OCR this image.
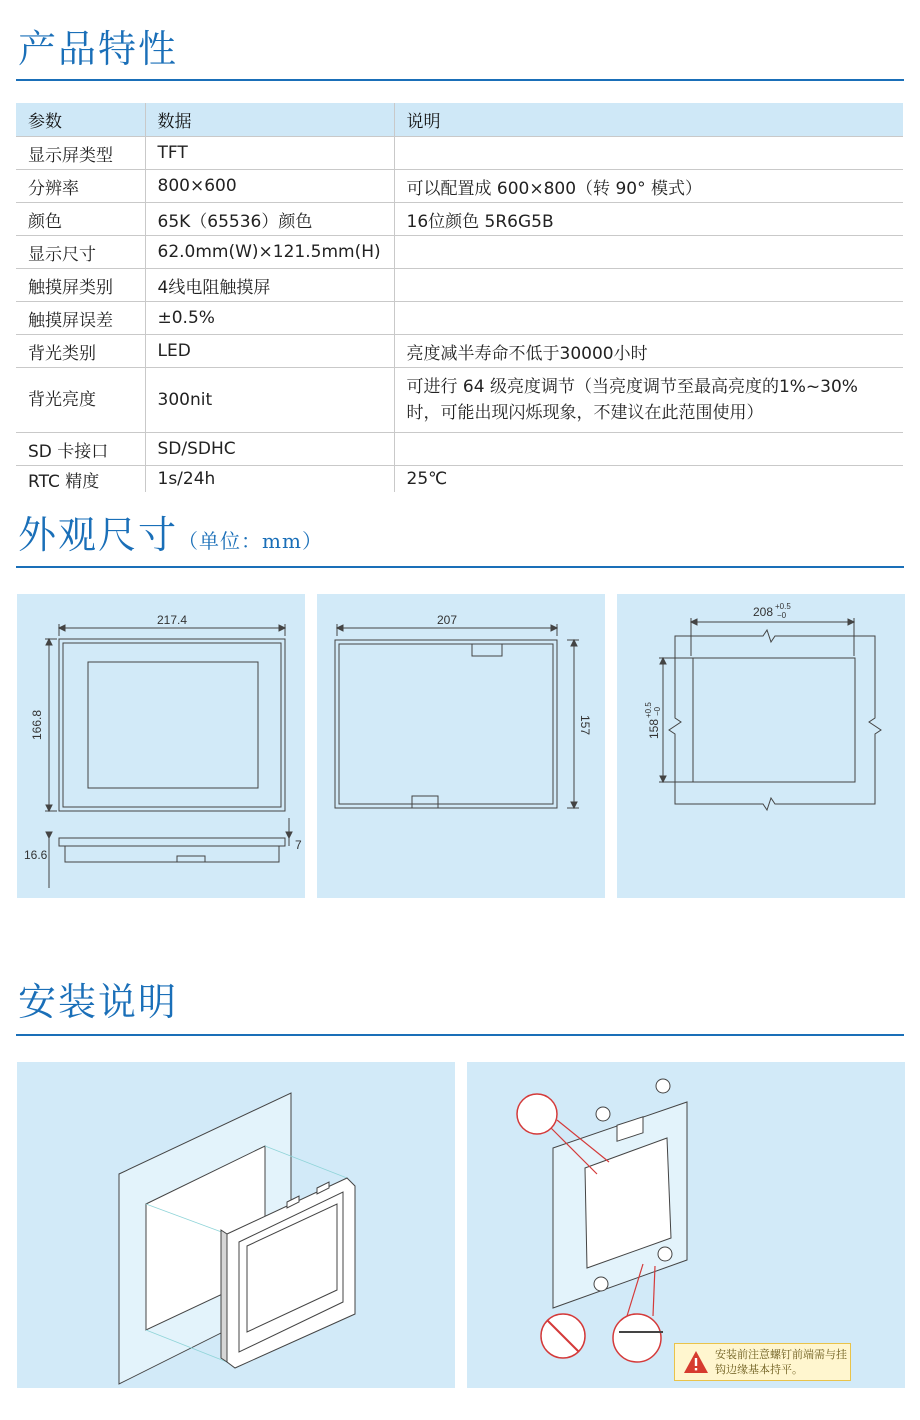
产品特性
参数	数据	说明
显示屏类型	TFT	
分辨率	800×600	可以配置成 600×800（转 90° 模式）
颜色	65K（65536）颜色	16位颜色 5R6G5B
显示尺寸	62.0mm(W)×121.5mm(H)	
触摸屏类别	4线电阻触摸屏	
触摸屏误差	±0.5%	
背光类别	LED	亮度减半寿命不低于30000小时
背光亮度	300nit	可进行 64 级亮度调节（当亮度调节至最高亮度的1%~30%时，可能出现闪烁现象，不建议在此范围使用）
SD 卡接口	SD/SDHC	
RTC 精度	1s/24h	25℃
外观尺寸（单位：mm）
217.4
166.8
16.6
7
207
157
208 +0.5
−0
158
+0.5 −0
安装说明
安装前注意螺钉前端需与挂钩边缘基本持平。
